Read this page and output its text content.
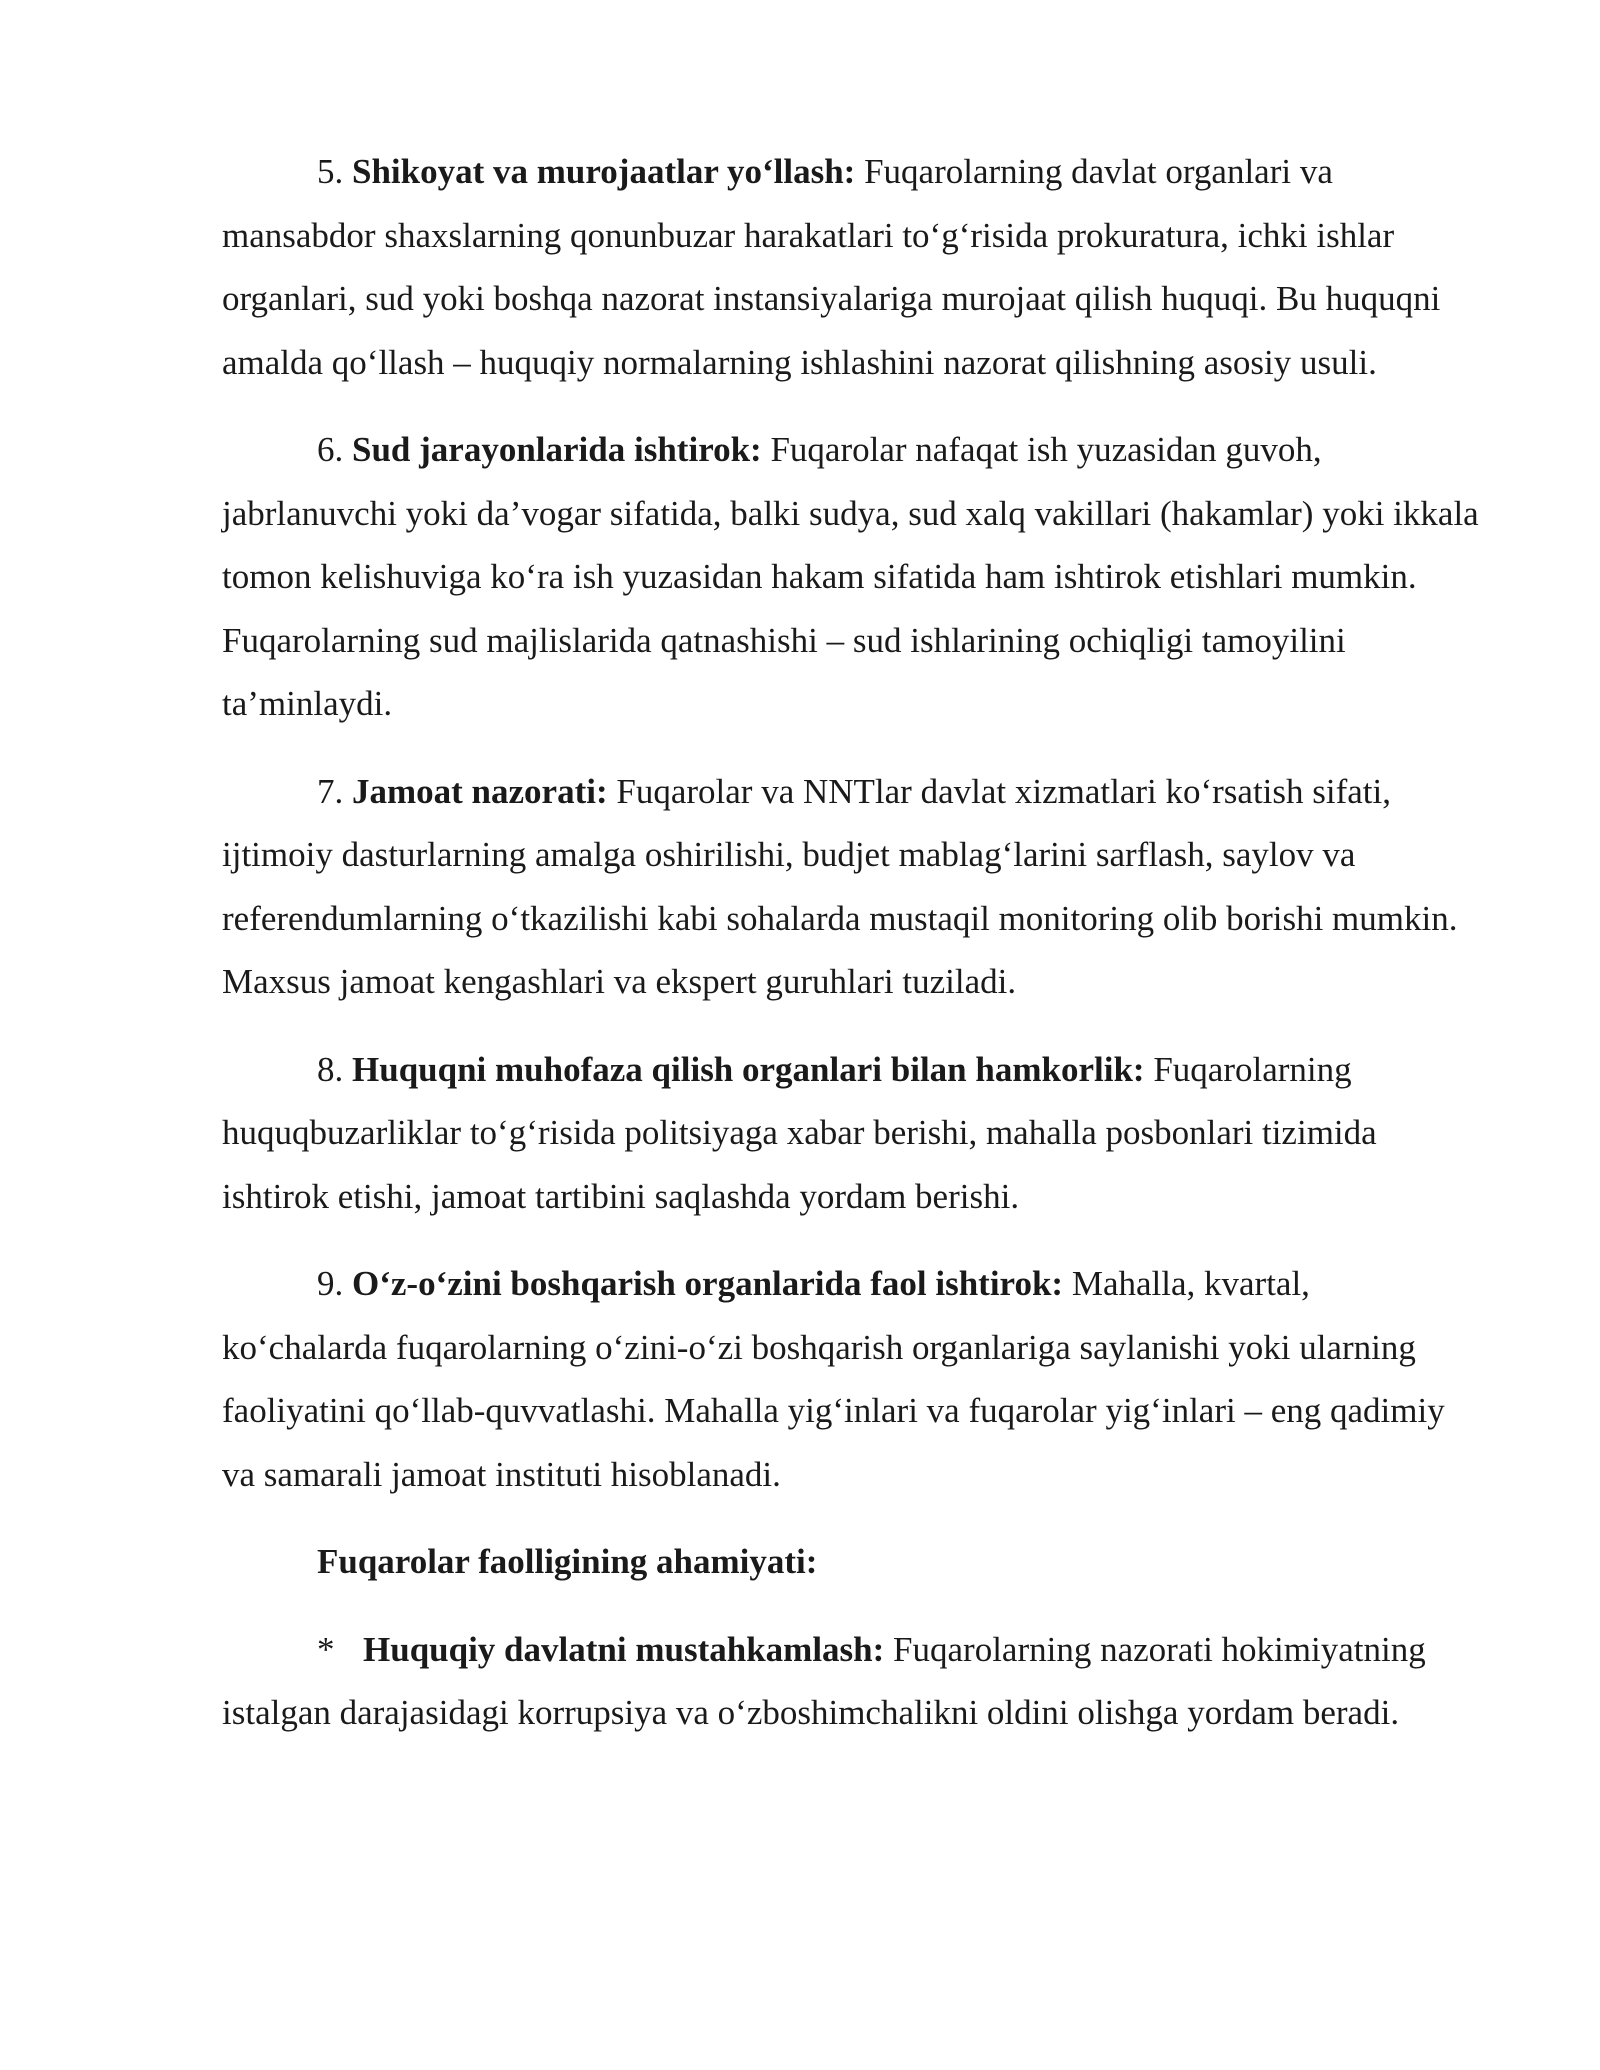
5. Shikoyat va murojaatlar yo‘llash: Fuqarolarning davlat organlari va mansabdor shaxslarning qonunbuzar harakatlari to‘g‘risida prokuratura, ichki ishlar organlari, sud yoki boshqa nazorat instansiyalariga murojaat qilish huquqi. Bu huquqni amalda qo‘llash – huquqiy normalarning ishlashini nazorat qilishning asosiy usuli.

6. Sud jarayonlarida ishtirok: Fuqarolar nafaqat ish yuzasidan guvoh, jabrlanuvchi yoki da’vogar sifatida, balki sudya, sud xalq vakillari (hakamlar) yoki ikkala tomon kelishuviga ko‘ra ish yuzasidan hakam sifatida ham ishtirok etishlari mumkin. Fuqarolarning sud majlislarida qatnashishi – sud ishlarining ochiqligi tamoyilini ta’minlaydi.

7. Jamoat nazorati: Fuqarolar va NNTlar davlat xizmatlari ko‘rsatish sifati, ijtimoiy dasturlarning amalga oshirilishi, budjet mablag‘larini sarflash, saylov va referendumlarning o‘tkazilishi kabi sohalarda mustaqil monitoring olib borishi mumkin. Maxsus jamoat kengashlari va ekspert guruhlari tuziladi.

8. Huquqni muhofaza qilish organlari bilan hamkorlik: Fuqarolarning huquqbuzarliklar to‘g‘risida politsiyaga xabar berishi, mahalla posbonlari tizimida ishtirok etishi, jamoat tartibini saqlashda yordam berishi.

9. O‘z-o‘zini boshqarish organlarida faol ishtirok: Mahalla, kvartal, ko‘chalarda fuqarolarning o‘zini-o‘zi boshqarish organlariga saylanishi yoki ularning faoliyatini qo‘llab-quvvatlashi. Mahalla yig‘inlari va fuqarolar yig‘inlari – eng qadimiy va samarali jamoat instituti hisoblanadi.

Fuqarolar faolligining ahamiyati:

* Huquqiy davlatni mustahkamlash: Fuqarolarning nazorati hokimiyatning istalgan darajasidagi korrupsiya va o‘zboshimchalikni oldini olishga yordam beradi.
